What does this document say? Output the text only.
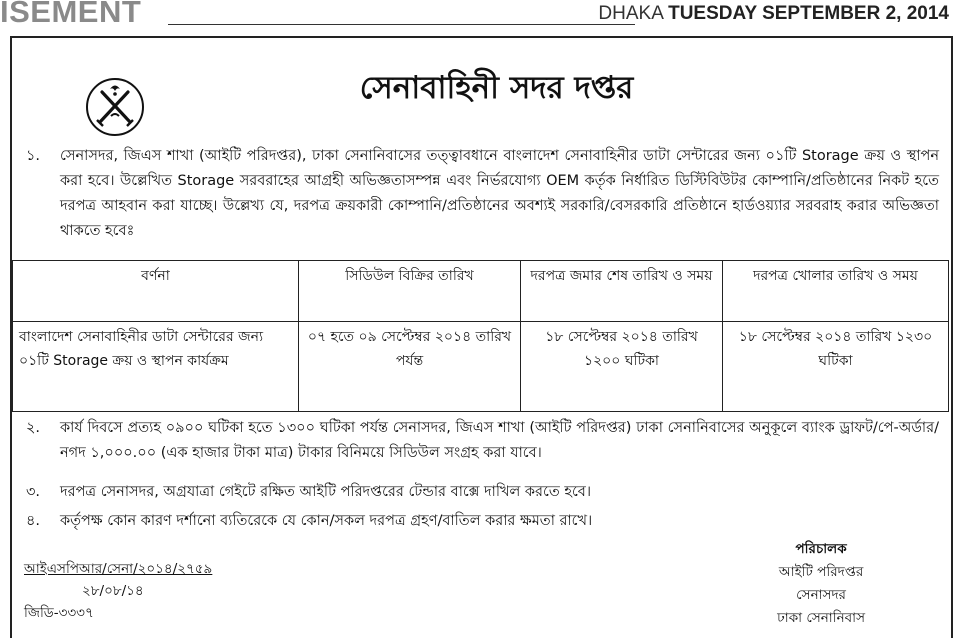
ISEMENT	DHAKA TUESDAY SEPTEMBER 2, 2014
সেনাবাহিনী সদর দপ্তর
১. সেনাসদর, জিএস শাখা (আইটি পরিদপ্তর), ঢাকা সেনানিবাসের তত্ত্বাবধানে বাংলাদেশ সেনাবাহিনীর ডাটা সেন্টারের জন্য ০১টি Storage ক্রয় ও স্থাপন করা হবে। উল্লেখিত Storage সরবরাহের আগ্রহী অভিজ্ঞতাসম্পন্ন এবং নির্ভরযোগ্য OEM কর্তৃক নির্ধারিত ডিস্টিবিউটর কোম্পানি/প্রতিষ্ঠানের নিকট হতে দরপত্র আহবান করা যাচ্ছে। উল্লেখ্য যে, দরপত্র ক্রয়কারী কোম্পানি/প্রতিষ্ঠানের অবশ্যই সরকারি/বেসরকারি প্রতিষ্ঠানে হার্ডওয়্যার সরবরাহ করার অভিজ্ঞতা থাকতে হবেঃ
বর্ণনা	সিডিউল বিক্রির তারিখ	দরপত্র জমার শেষ তারিখ ও সময়	দরপত্র খোলার তারিখ ও সময়
বাংলাদেশ সেনাবাহিনীর ডাটা সেন্টারের জন্য ০১টি Storage ক্রয় ও স্থাপন কার্যক্রম	০৭ হতে ০৯ সেপ্টেম্বর ২০১৪ তারিখ পর্যন্ত	১৮ সেপ্টেম্বর ২০১৪ তারিখ ১২০০ ঘটিকা	১৮ সেপ্টেম্বর ২০১৪ তারিখ ১২৩০ ঘটিকা
২. কার্য দিবসে প্রত্যহ ০৯০০ ঘটিকা হতে ১৩০০ ঘটিকা পর্যন্ত সেনাসদর, জিএস শাখা (আইটি পরিদপ্তর) ঢাকা সেনানিবাসের অনুকূলে ব্যাংক ড্রাফট/পে-অর্ডার/নগদ ১,০০০.০০ (এক হাজার টাকা মাত্র) টাকার বিনিময়ে সিডিউল সংগ্রহ করা যাবে।
৩. দরপত্র সেনাসদর, অগ্রযাত্রা গেইটে রক্ষিত আইটি পরিদপ্তরের টেন্ডার বাক্সে দাখিল করতে হবে।
৪. কর্তৃপক্ষ কোন কারণ দর্শানো ব্যতিরেকে যে কোন/সকল দরপত্র গ্রহণ/বাতিল করার ক্ষমতা রাখে।
আইএসপিআর/সেনা/২০১৪/২৭৫৯
২৮/০৮/১৪
জিডি-৩৩৩৭
পরিচালক
আইটি পরিদপ্তর
সেনাসদর
ঢাকা সেনানিবাস
